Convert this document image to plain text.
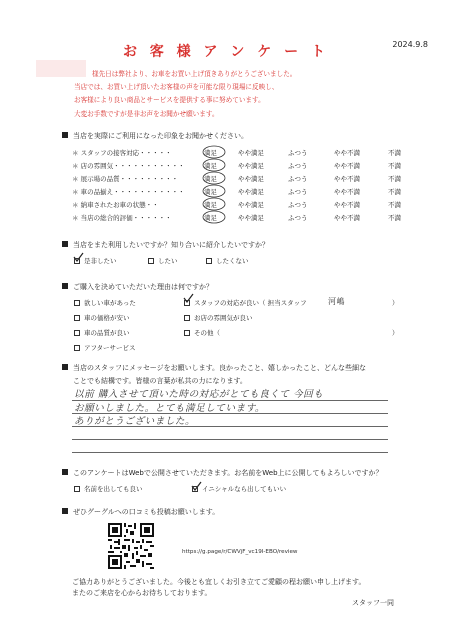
お 客 様 ア ン ケ ー ト	2024.9.8
様先日は弊社より、お車をお買い上げ頂きありがとうございました。
当店では、お買い上げ頂いたお客様の声を可能な限り現場に反映し、
お客様により良い商品とサービスを提供する事に努めています。
大変お手数ですが是非お声をお聞かせ願います。
当店を実際にご利用になった印象をお聞かせください。
＊ スタッフの接客対応・・・・・	満足	やや満足	ふつう	やや不満	不満
＊ 店の雰囲気・・・・・・・・・・・	満足	やや満足	ふつう	やや不満	不満
＊ 展示場の品質・・・・・・・・・	満足	やや満足	ふつう	やや不満	不満
＊ 車の品揃え・・・・・・・・・・・	満足	やや満足	ふつう	やや不満	不満
＊ 納車されたお車の状態・・	満足	やや満足	ふつう	やや不満	不満
＊ 当店の総合的評価・・・・・・	満足	やや満足	ふつう	やや不満	不満
当店をまた利用したいですか？知り合いに紹介したいですか？
是非したい	したい	したくない
ご購入を決めていただいた理由は何ですか？
欲しい車があった	スタッフの対応が良い（ 担当スタッフ	河嶋	）
車の価格が安い	お店の雰囲気が良い
車の品質が良い	その他（	）
アフターサービス
当店のスタッフにメッセージをお願いします。良かったこと、嬉しかったこと、どんな些細な
ことでも結構です。皆様の言葉が私共の力になります。
以前 購入させて頂いた時の対応がとても良くて 今回も
お願いしました。とても満足しています。
ありがとうございました。
このアンケートはWebで公開させていただきます。お名前をWeb上に公開してもよろしいですか？
名前を出しても良い	イニシャルなら出してもいい
ぜひグーグルへの口コミも投稿お願いします。
https://g.page/r/CWVjF_vc19I-EBO/review
ご協力ありがとうございました。今後とも宜しくお引き立てご愛顧の程お願い申し上げます。
またのご来店を心からお待ちしております。
スタッフ一同
